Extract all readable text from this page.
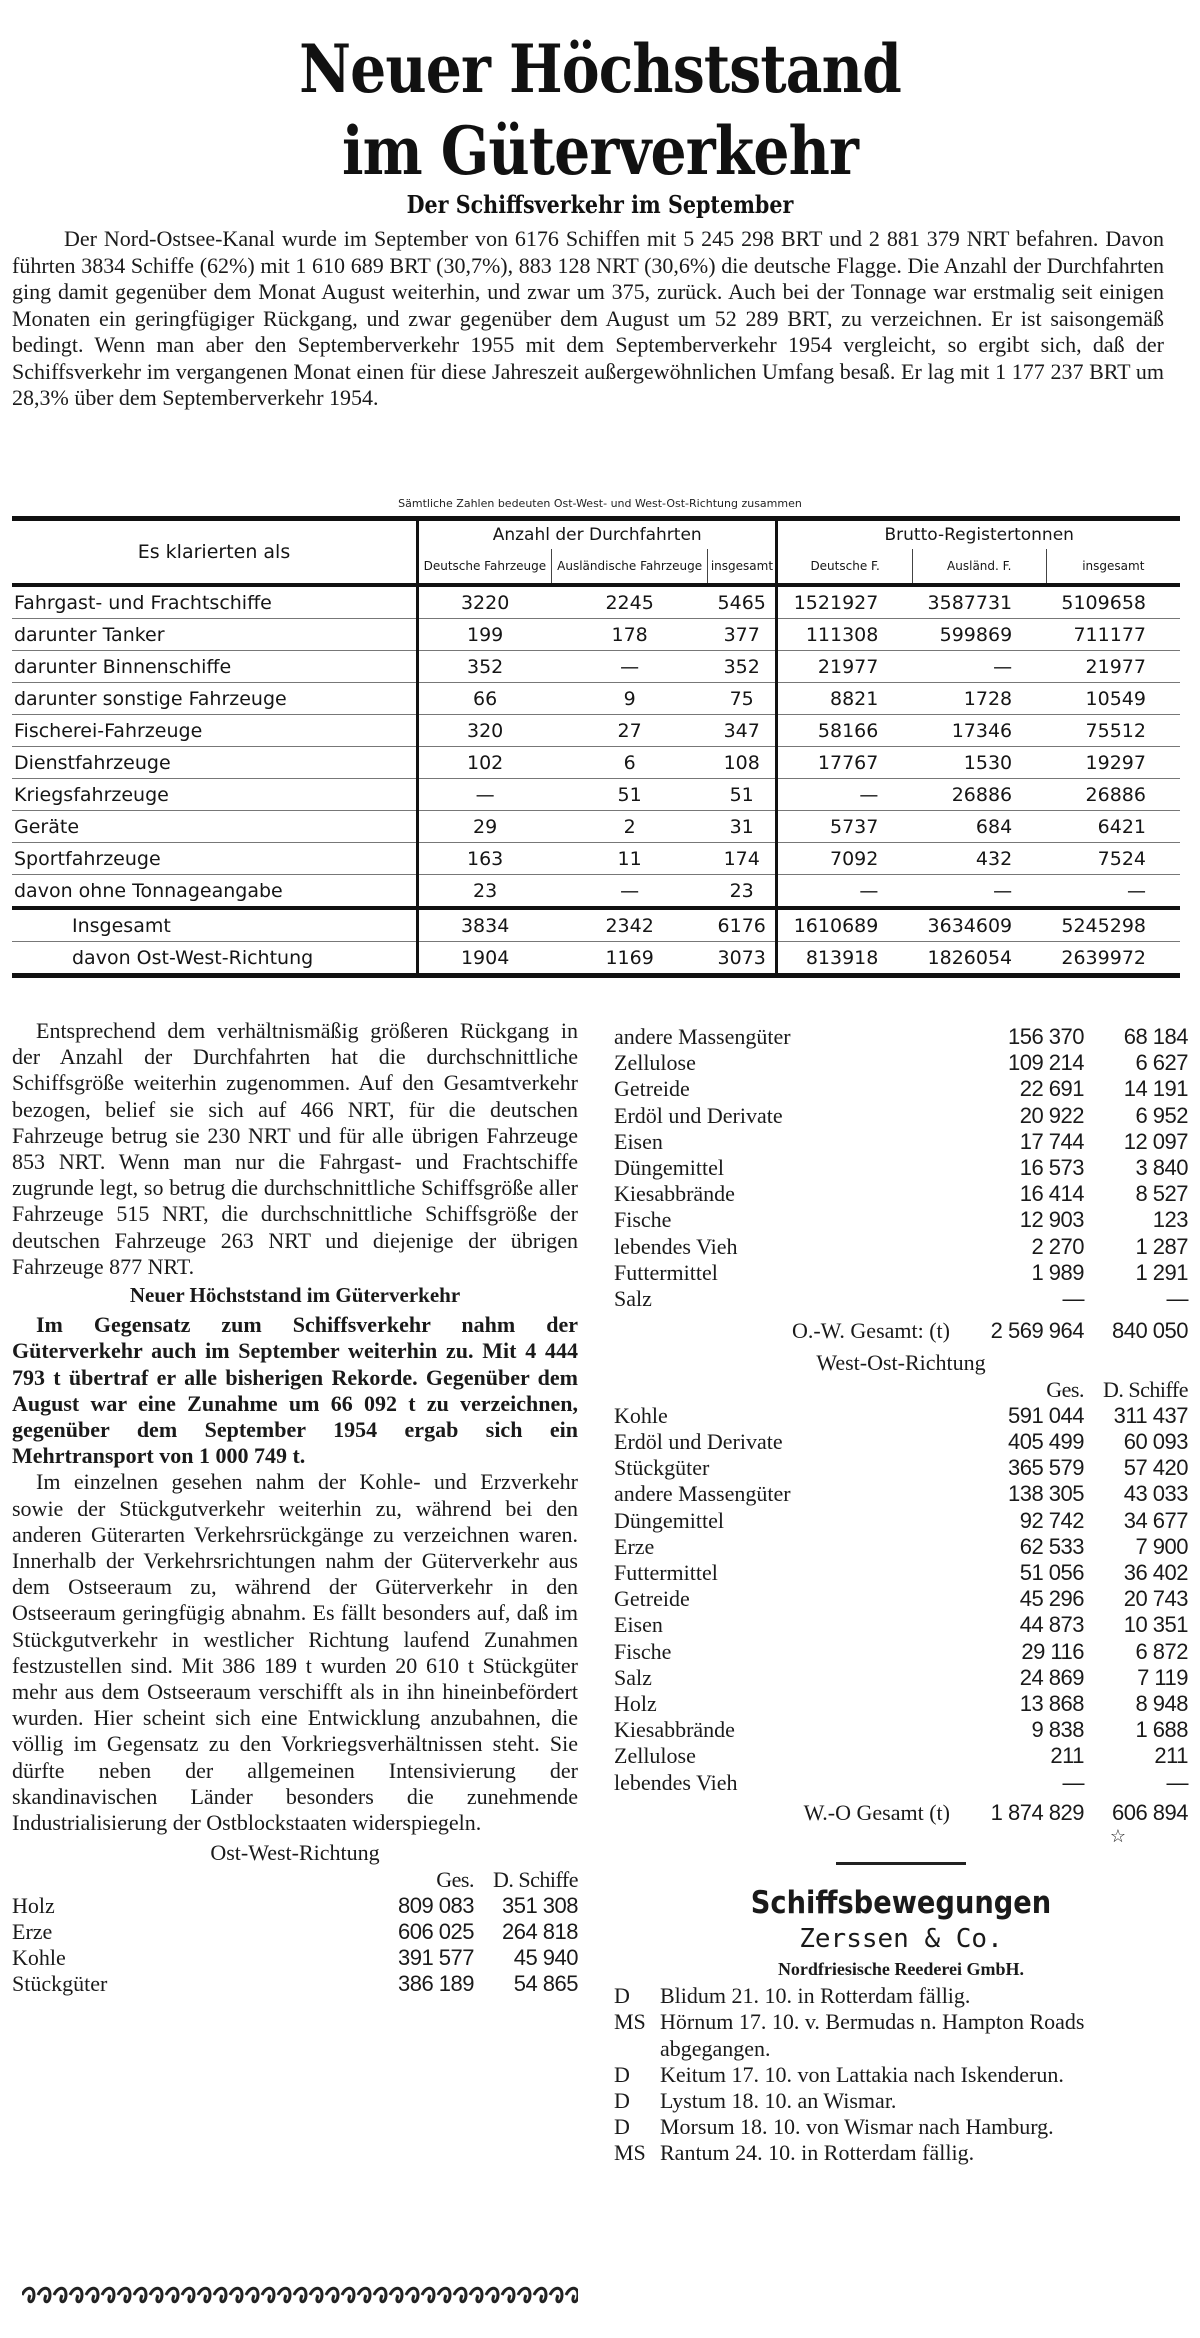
Neuer Höchststand
im Güterverkehr
Der Schiffsverkehr im September

Der Nord-Ostsee-Kanal wurde im September von 6176 Schiffen mit 5 245 298 BRT und 2 881 379 NRT befahren. Davon führten 3834 Schiffe (62%) mit 1 610 689 BRT (30,7%), 883 128 NRT (30,6%) die deutsche Flagge. Die Anzahl der Durchfahrten ging damit gegenüber dem Monat August weiterhin, und zwar um 375, zurück. Auch bei der Tonnage war erstmalig seit einigen Monaten ein geringfügiger Rückgang, und zwar gegenüber dem August um 52 289 BRT, zu verzeichnen. Er ist saisongemäß bedingt. Wenn man aber den Septemberverkehr 1955 mit dem Septemberverkehr 1954 vergleicht, so ergibt sich, daß der Schiffsverkehr im vergangenen Monat einen für diese Jahreszeit außergewöhnlichen Umfang besaß. Er lag mit 1 177 237 BRT um 28,3% über dem Septemberverkehr 1954.

Sämtliche Zahlen bedeuten Ost-West- und West-Ost-Richtung zusammen
Es klarierten als	Anzahl der Durchfahrten			Brutto-Registertonnen		
	Deutsche Fahrzeuge	Ausländische Fahrzeuge	insgesamt	Deutsche F.	Ausländ. F.	insgesamt
Fahrgast- und Frachtschiffe	3220	2245	5465	1521927	3587731	5109658
darunter Tanker	199	178	377	111308	599869	711177
darunter Binnenschiffe	352	—	352	21977	—	21977
darunter sonstige Fahrzeuge	66	9	75	8821	1728	10549
Fischerei-Fahrzeuge	320	27	347	58166	17346	75512
Dienstfahrzeuge	102	6	108	17767	1530	19297
Kriegsfahrzeuge	—	51	51	—	26886	26886
Geräte	29	2	31	5737	684	6421
Sportfahrzeuge	163	11	174	7092	432	7524
davon ohne Tonnageangabe	23	—	23	—	—	—
Insgesamt	3834	2342	6176	1610689	3634609	5245298
davon Ost-West-Richtung	1904	1169	3073	813918	1826054	2639972

Entsprechend dem verhältnismäßig größeren Rückgang in der Anzahl der Durchfahrten hat die durchschnittliche Schiffsgröße weiterhin zugenommen. Auf den Gesamtverkehr bezogen, belief sie sich auf 466 NRT, für die deutschen Fahrzeuge betrug sie 230 NRT und für alle übrigen Fahrzeuge 853 NRT. Wenn man nur die Fahrgast- und Frachtschiffe zugrunde legt, so betrug die durchschnittliche Schiffsgröße aller Fahrzeuge 515 NRT, die durchschnittliche Schiffsgröße der deutschen Fahrzeuge 263 NRT und diejenige der übrigen Fahrzeuge 877 NRT.

Neuer Höchststand im Güterverkehr

Im Gegensatz zum Schiffsverkehr nahm der Güterverkehr auch im September weiterhin zu. Mit 4 444 793 t übertraf er alle bisherigen Rekorde. Gegenüber dem August war eine Zunahme um 66 092 t zu verzeichnen, gegenüber dem September 1954 ergab sich ein Mehrtransport von 1 000 749 t.

Im einzelnen gesehen nahm der Kohle- und Erzverkehr sowie der Stückgutverkehr weiterhin zu, während bei den anderen Güterarten Verkehrsrückgänge zu verzeichnen waren. Innerhalb der Verkehrsrichtungen nahm der Güterverkehr aus dem Ostseeraum zu, während der Güterverkehr in den Ostseeraum geringfügig abnahm. Es fällt besonders auf, daß im Stückgutverkehr in westlicher Richtung laufend Zunahmen festzustellen sind. Mit 386 189 t wurden 20 610 t Stückgüter mehr aus dem Ostseeraum verschifft als in ihn hineinbefördert wurden. Hier scheint sich eine Entwicklung anzubahnen, die völlig im Gegensatz zu den Vorkriegsverhältnissen steht. Sie dürfte neben der allgemeinen Intensivierung der skandinavischen Länder besonders die zunehmende Industrialisierung der Ostblockstaaten widerspiegeln.

Ost-West-Richtung
Ges. D. Schiffe
Holz	809 083	351 308
Erze	606 025	264 818
Kohle	391 577	45 940
Stückgüter	386 189	54 865
andere Massengüter	156 370	68 184
Zellulose	109 214	6 627
Getreide	22 691	14 191
Erdöl und Derivate	20 922	6 952
Eisen	17 744	12 097
Düngemittel	16 573	3 840
Kiesabbrände	16 414	8 527
Fische	12 903	123
lebendes Vieh	2 270	1 287
Futtermittel	1 989	1 291
Salz	—	—
O.-W. Gesamt: (t)	2 569 964	840 050
West-Ost-Richtung
Ges. D. Schiffe
Kohle	591 044	311 437
Erdöl und Derivate	405 499	60 093
Stückgüter	365 579	57 420
andere Massengüter	138 305	43 033
Düngemittel	92 742	34 677
Erze	62 533	7 900
Futtermittel	51 056	36 402
Getreide	45 296	20 743
Eisen	44 873	10 351
Fische	29 116	6 872
Salz	24 869	7 119
Holz	13 868	8 948
Kiesabbrände	9 838	1 688
Zellulose	211	211
lebendes Vieh	—	—
W.-O Gesamt (t)	1 874 829	606 894
☆
Schiffsbewegungen
Zerssen & Co.
Nordfriesische Reederei GmbH.
D	Blidum 21. 10. in Rotterdam fällig.
MS Hörnum 17. 10. v. Bermudas n. Hampton Roads abgegangen.
D	Keitum 17. 10. von Lattakia nach Iskenderun.
D	Lystum 18. 10. an Wismar.
D	Morsum 18. 10. von Wismar nach Hamburg.
MS Rantum 24. 10. in Rotterdam fällig.
